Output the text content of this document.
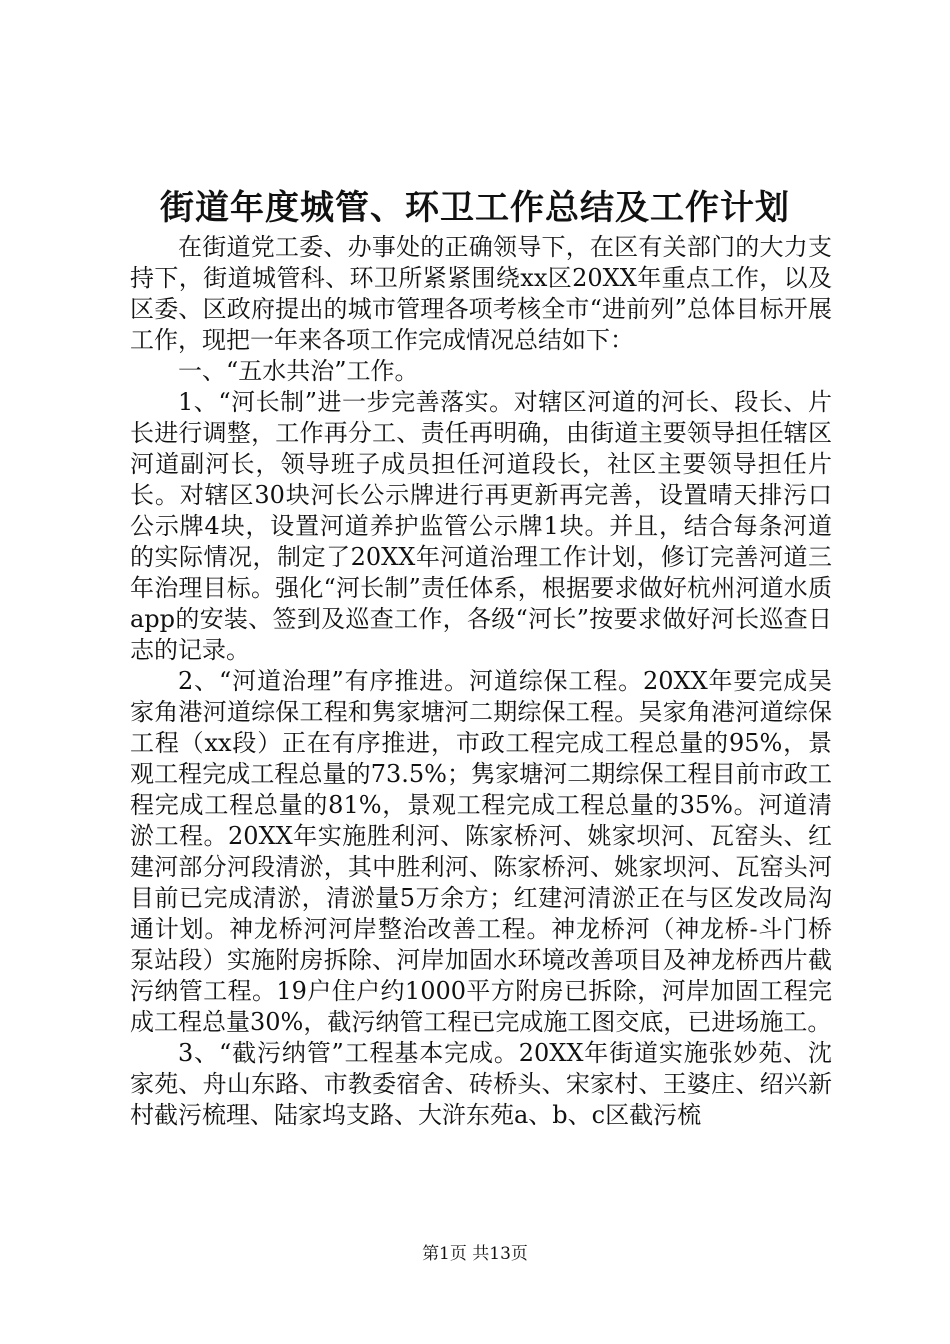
街道年度城管、环卫工作总结及工作计划

在街道党工委、办事处的正确领导下，在区有关部门的大力支持下，街道城管科、环卫所紧紧围绕xx区20XX年重点工作，以及区委、区政府提出的城市管理各项考核全市“进前列”总体目标开展工作，现把一年来各项工作完成情况总结如下：

一、“五水共治”工作。

1、“河长制”进一步完善落实。对辖区河道的河长、段长、片长进行调整，工作再分工、责任再明确，由街道主要领导担任辖区河道副河长，领导班子成员担任河道段长，社区主要领导担任片长。对辖区30块河长公示牌进行再更新再完善，设置晴天排污口公示牌4块，设置河道养护监管公示牌1块。并且，结合每条河道的实际情况，制定了20XX年河道治理工作计划，修订完善河道三年治理目标。强化“河长制”责任体系，根据要求做好杭州河道水质app的安装、签到及巡查工作，各级“河长”按要求做好河长巡查日志的记录。

2、“河道治理”有序推进。河道综保工程。20XX年要完成吴家角港河道综保工程和隽家塘河二期综保工程。吴家角港河道综保工程（xx段）正在有序推进，市政工程完成工程总量的95%，景观工程完成工程总量的73.5%；隽家塘河二期综保工程目前市政工程完成工程总量的81%，景观工程完成工程总量的35%。河道清淤工程。20XX年实施胜利河、陈家桥河、姚家坝河、瓦窑头、红建河部分河段清淤，其中胜利河、陈家桥河、姚家坝河、瓦窑头河目前已完成清淤，清淤量5万余方；红建河清淤正在与区发改局沟通计划。神龙桥河河岸整治改善工程。神龙桥河（神龙桥-斗门桥泵站段）实施附房拆除、河岸加固水环境改善项目及神龙桥西片截污纳管工程。19户住户约1000平方附房已拆除，河岸加固工程完成工程总量30%，截污纳管工程已完成施工图交底，已进场施工。

3、“截污纳管”工程基本完成。20XX年街道实施张妙苑、沈家苑、舟山东路、市教委宿舍、砖桥头、宋家村、王婆庄、绍兴新村截污梳理、陆家坞支路、大浒东苑a、b、c区截污梳

第1页 共13页
